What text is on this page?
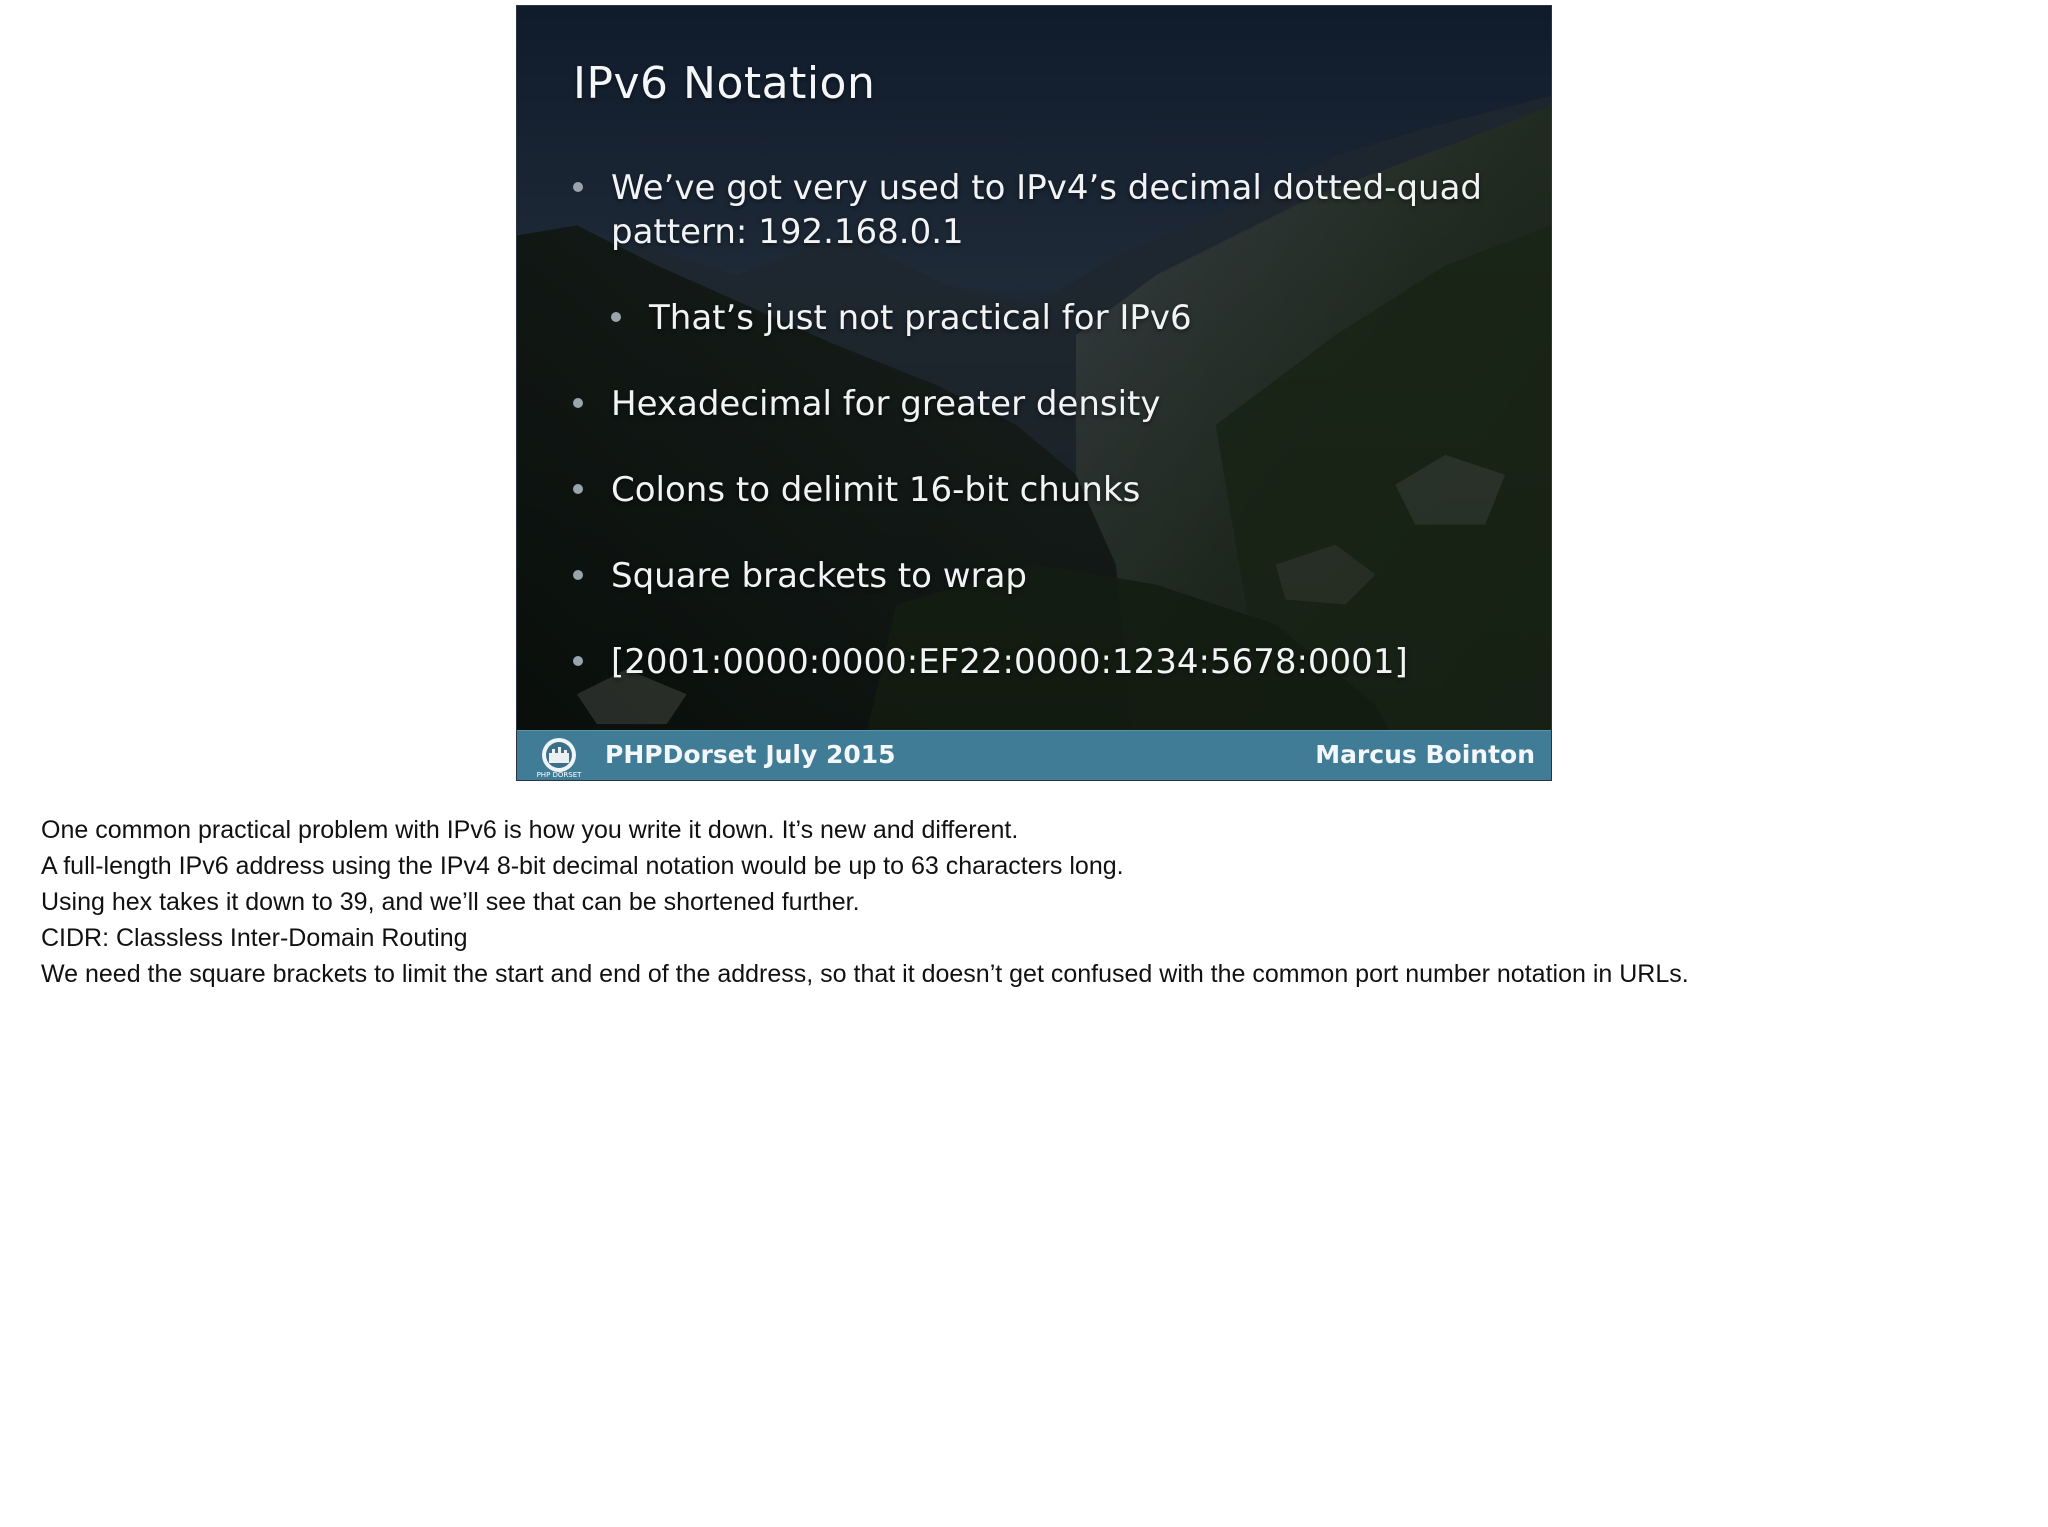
IPv6 Notation
We’ve got very used to IPv4’s decimal dotted-quad pattern: 192.168.0.1
That’s just not practical for IPv6
Hexadecimal for greater density
Colons to delimit 16-bit chunks
Square brackets to wrap
[2001:0000:0000:EF22:0000:1234:5678:0001]
PHP DORSET
PHPDorset July 2015	Marcus Bointon
One common practical problem with IPv6 is how you write it down. It’s new and different.
A full-length IPv6 address using the IPv4 8-bit decimal notation would be up to 63 characters long.
Using hex takes it down to 39, and we’ll see that can be shortened further.
CIDR: Classless Inter-Domain Routing
We need the square brackets to limit the start and end of the address, so that it doesn’t get confused with the common port number notation in URLs.
